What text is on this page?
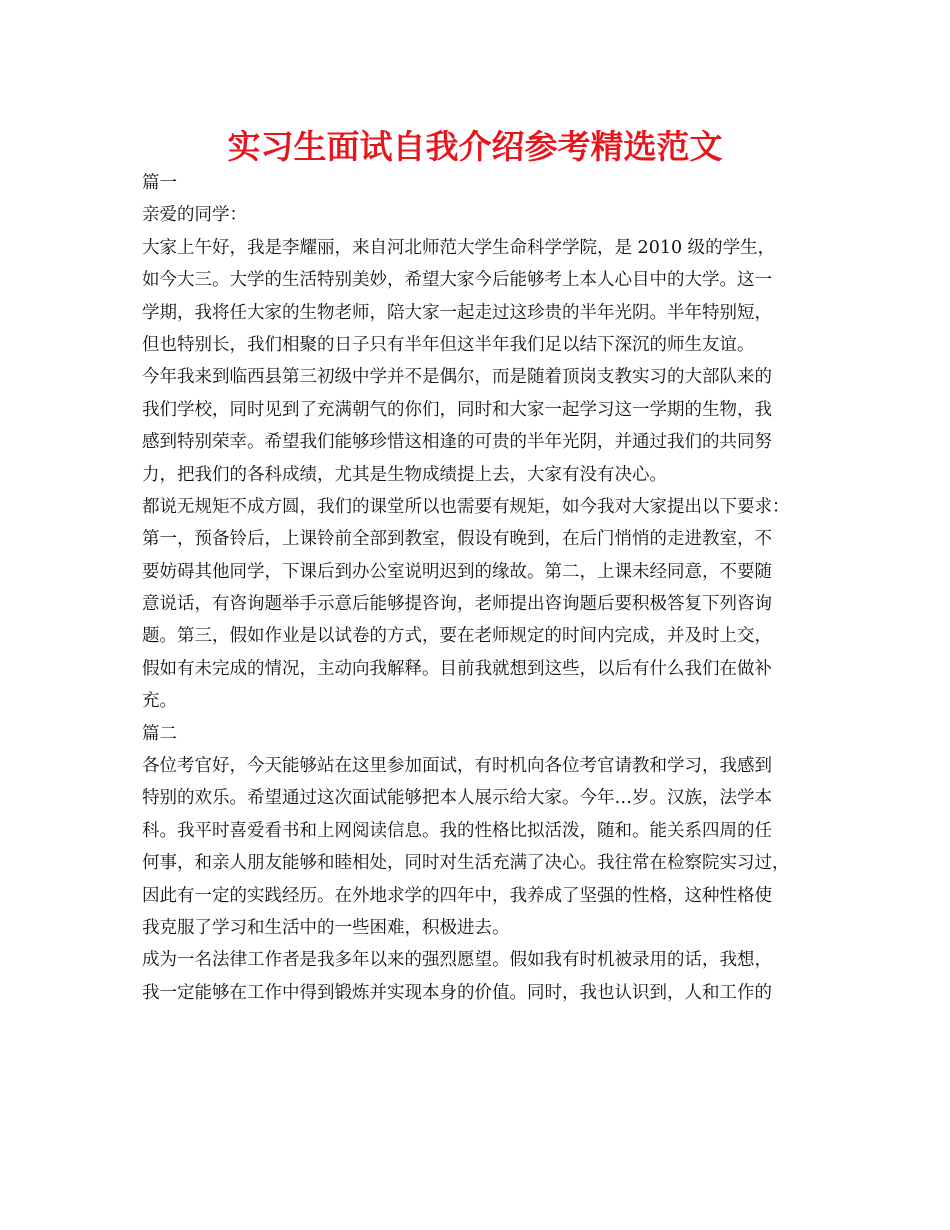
实习生面试自我介绍参考精选范文
篇一
亲爱的同学：
大家上午好，我是李耀丽，来自河北师范大学生命科学学院，是 2010 级的学生，
如今大三。大学的生活特别美妙，希望大家今后能够考上本人心目中的大学。这一
学期，我将任大家的生物老师，陪大家一起走过这珍贵的半年光阴。半年特别短，
但也特别长，我们相聚的日子只有半年但这半年我们足以结下深沉的师生友谊。
今年我来到临西县第三初级中学并不是偶尔，而是随着顶岗支教实习的大部队来的
我们学校，同时见到了充满朝气的你们，同时和大家一起学习这一学期的生物，我
感到特别荣幸。希望我们能够珍惜这相逢的可贵的半年光阴，并通过我们的共同努
力，把我们的各科成绩，尤其是生物成绩提上去，大家有没有决心。
都说无规矩不成方圆，我们的课堂所以也需要有规矩，如今我对大家提出以下要求：
第一，预备铃后，上课铃前全部到教室，假设有晚到，在后门悄悄的走进教室，不
要妨碍其他同学，下课后到办公室说明迟到的缘故。第二，上课未经同意，不要随
意说话，有咨询题举手示意后能够提咨询，老师提出咨询题后要积极答复下列咨询
题。第三，假如作业是以试卷的方式，要在老师规定的时间内完成，并及时上交，
假如有未完成的情况，主动向我解释。目前我就想到这些，以后有什么我们在做补
充。
篇二
各位考官好，今天能够站在这里参加面试，有时机向各位考官请教和学习，我感到
特别的欢乐。希望通过这次面试能够把本人展示给大家。今年…岁。汉族，法学本
科。我平时喜爱看书和上网阅读信息。我的性格比拟活泼，随和。能关系四周的任
何事，和亲人朋友能够和睦相处，同时对生活充满了决心。我往常在检察院实习过，
因此有一定的实践经历。在外地求学的四年中，我养成了坚强的性格，这种性格使
我克服了学习和生活中的一些困难，积极进去。
成为一名法律工作者是我多年以来的强烈愿望。假如我有时机被录用的话，我想，
我一定能够在工作中得到锻炼并实现本身的价值。同时，我也认识到，人和工作的
